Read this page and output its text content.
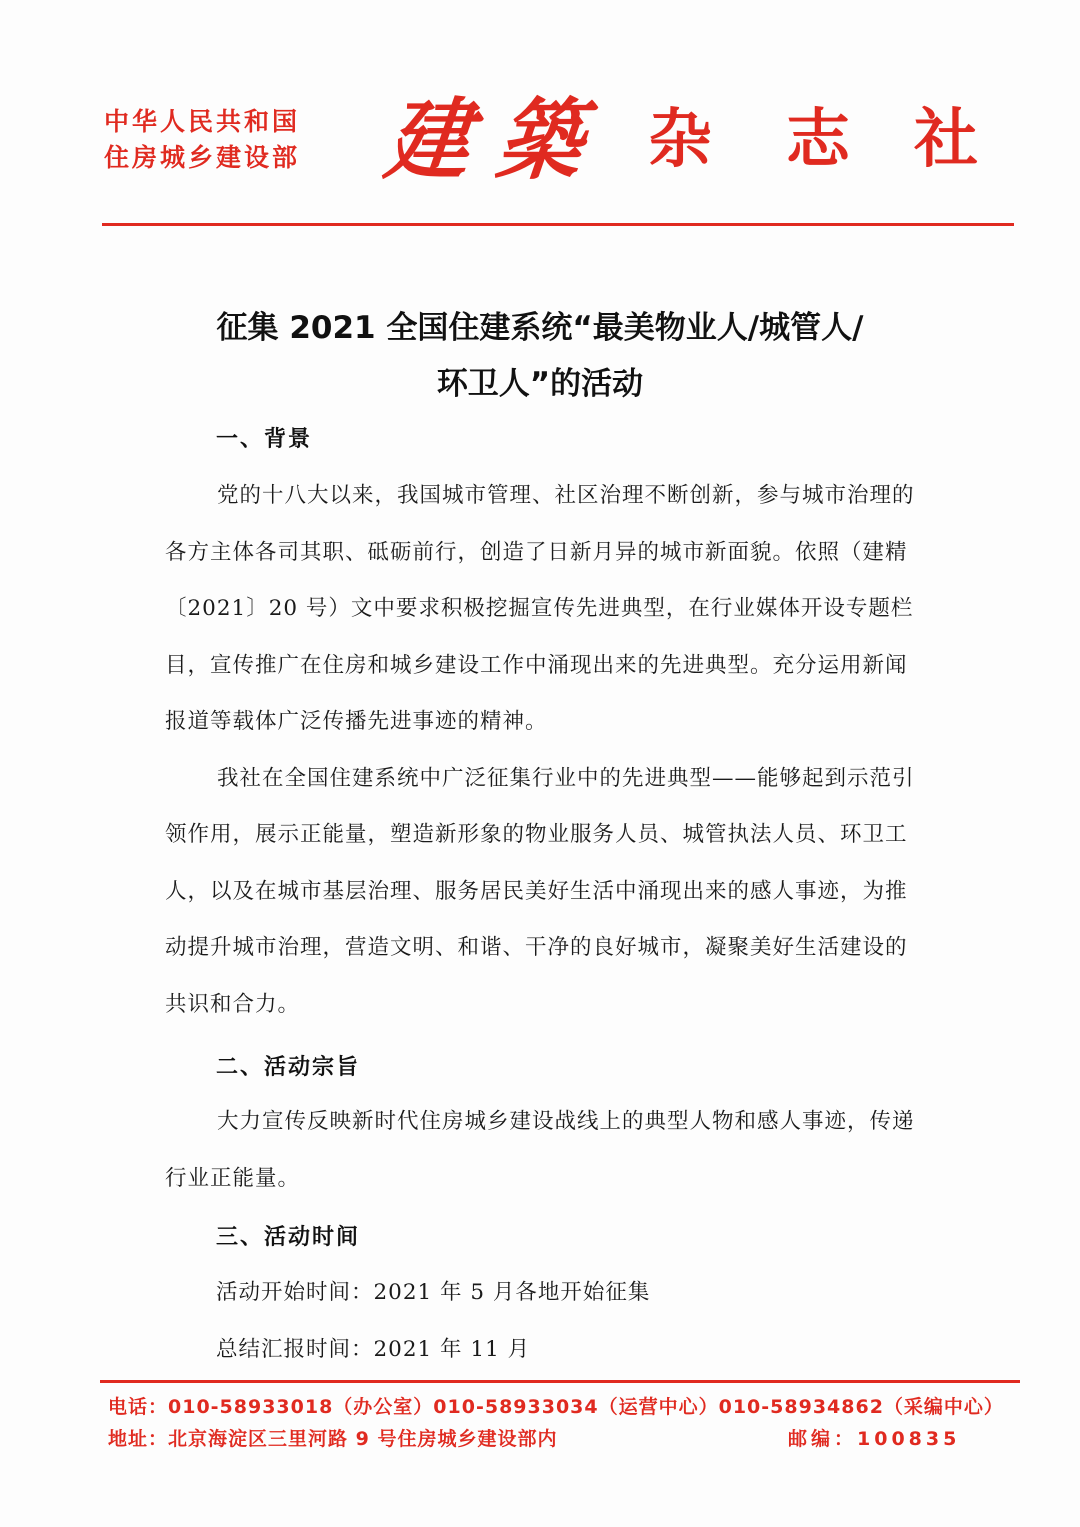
中华人民共和国
住房城乡建设部 建 築 杂 志 社
征集 2021 全国住建系统“最美物业人/城管人/
环卫人”的活动
一、背景

党的十八大以来，我国城市管理、社区治理不断创新，参与城市治理的各方主体各司其职、砥砺前行，创造了日新月异的城市新面貌。依照（建精〔2021〕20 号）文中要求积极挖掘宣传先进典型，在行业媒体开设专题栏目，宣传推广在住房和城乡建设工作中涌现出来的先进典型。充分运用新闻报道等载体广泛传播先进事迹的精神。

我社在全国住建系统中广泛征集行业中的先进典型——能够起到示范引领作用，展示正能量，塑造新形象的物业服务人员、城管执法人员、环卫工人，以及在城市基层治理、服务居民美好生活中涌现出来的感人事迹，为推动提升城市治理，营造文明、和谐、干净的良好城市，凝聚美好生活建设的共识和合力。

二、活动宗旨

大力宣传反映新时代住房城乡建设战线上的典型人物和感人事迹，传递行业正能量。

三、活动时间
活动开始时间：2021 年 5 月各地开始征集
总结汇报时间：2021 年 11 月
电话：010-58933018（办公室）010-58933034（运营中心）010-58934862（采编中心）
地址：北京海淀区三里河路 9 号住房城乡建设部内	邮编：100835
